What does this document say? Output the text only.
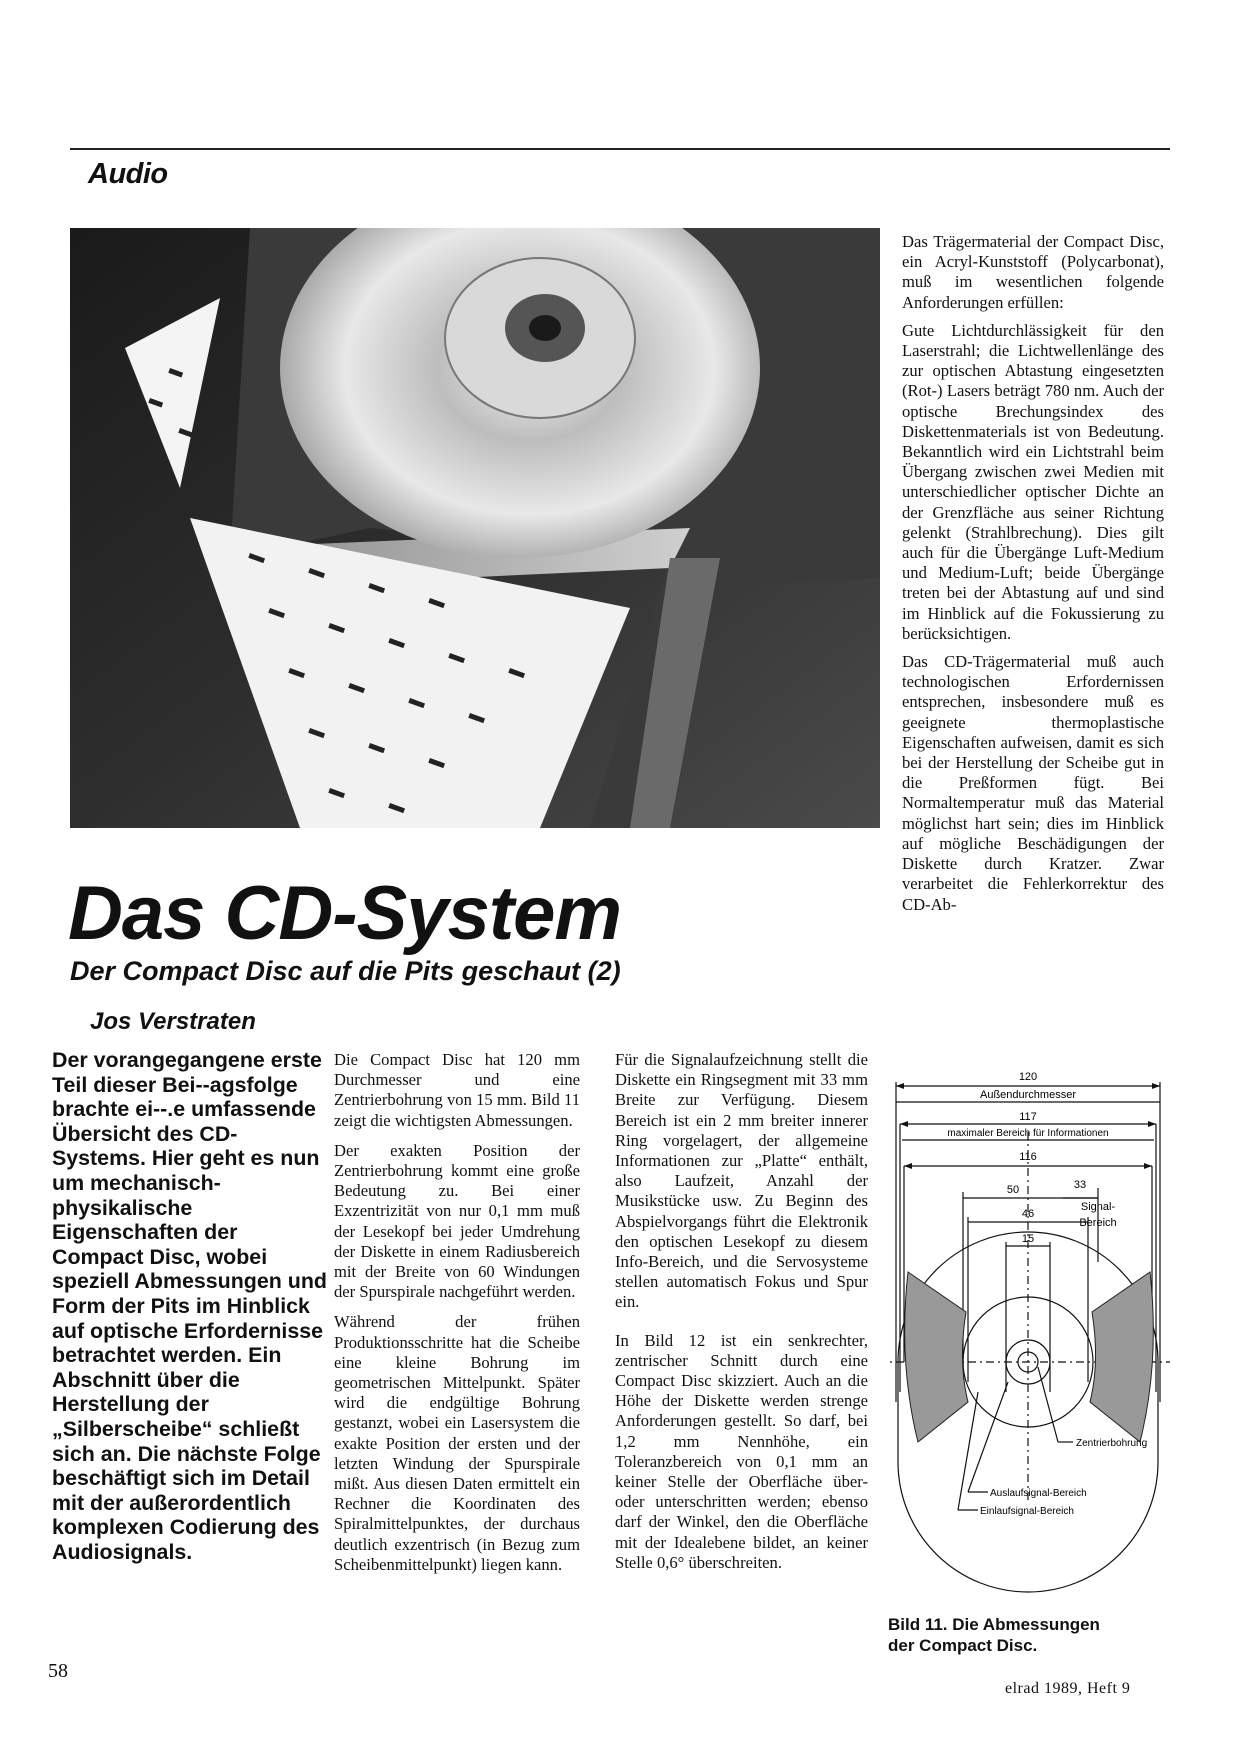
Audio
Das CD-System
Der Compact Disc auf die Pits geschaut (2)
Jos Verstraten

Der vorangegangene erste Teil dieser Bei-‐agsfolge brachte ei-‐.e umfassende Übersicht des CD-Systems. Hier geht es nun um mechanisch-physikalische Eigenschaften der Compact Disc, wobei speziell Abmessungen und Form der Pits im Hinblick auf optische Erfordernisse betrachtet werden. Ein Abschnitt über die Herstellung der „Silberscheibe“ schließt sich an. Die nächste Folge beschäftigt sich im Detail mit der außerordentlich komplexen Codierung des Audiosignals.

Die Compact Disc hat 120 mm Durchmesser und eine Zentrierbohrung von 15 mm. Bild 11 zeigt die wichtigsten Abmessungen.

Der exakten Position der Zentrierbohrung kommt eine große Bedeutung zu. Bei einer Exzentrizität von nur 0,1 mm muß der Lesekopf bei jeder Umdrehung der Diskette in einem Radiusbereich mit der Breite von 60 Windungen der Spurspirale nachgeführt werden.

Während der frühen Produktionsschritte hat die Scheibe eine kleine Bohrung im geometrischen Mittelpunkt. Später wird die endgültige Bohrung gestanzt, wobei ein Lasersystem die exakte Position der ersten und der letzten Windung der Spurspirale mißt. Aus diesen Daten ermittelt ein Rechner die Koordinaten des Spiralmittelpunktes, der durchaus deutlich exzentrisch (in Bezug zum Scheibenmittelpunkt) liegen kann.

Für die Signalaufzeichnung stellt die Diskette ein Ringsegment mit 33 mm Breite zur Verfügung. Diesem Bereich ist ein 2 mm breiter innerer Ring vorgelagert, der allgemeine Informationen zur „Platte“ enthält, also Laufzeit, Anzahl der Musikstücke usw. Zu Beginn des Abspielvorgangs führt die Elektronik den optischen Lesekopf zu diesem Info-Bereich, und die Servosysteme stellen automatisch Fokus und Spur ein.

In Bild 12 ist ein senkrechter, zentrischer Schnitt durch eine Compact Disc skizziert. Auch an die Höhe der Diskette werden strenge Anforderungen gestellt. So darf, bei 1,2 mm Nennhöhe, ein Toleranzbereich von 0,1 mm an keiner Stelle der Oberfläche über- oder unterschritten werden; ebenso darf der Winkel, den die Oberfläche mit der Idealebene bildet, an keiner Stelle 0,6° überschreiten.

Das Trägermaterial der Compact Disc, ein Acryl-Kunststoff (Polycarbonat), muß im wesentlichen folgende Anforderungen erfüllen:

Gute Lichtdurchlässigkeit für den Laserstrahl; die Lichtwellenlänge des zur optischen Abtastung eingesetzten (Rot-) Lasers beträgt 780 nm. Auch der optische Brechungsindex des Diskettenmaterials ist von Bedeutung. Bekanntlich wird ein Lichtstrahl beim Übergang zwischen zwei Medien mit unterschiedlicher optischer Dichte an der Grenzfläche aus seiner Richtung gelenkt (Strahlbrechung). Dies gilt auch für die Übergänge Luft-Medium und Medium-Luft; beide Übergänge treten bei der Abtastung auf und sind im Hinblick auf die Fokussierung zu berücksichtigen.

Das CD-Trägermaterial muß auch technologischen Erfordernissen entsprechen, insbesondere muß es geeignete thermoplastische Eigenschaften aufweisen, damit es sich bei der Herstellung der Scheibe gut in die Preßformen fügt. Bei Normaltemperatur muß das Material möglichst hart sein; dies im Hinblick auf mögliche Beschädigungen der Diskette durch Kratzer. Zwar verarbeitet die Fehlerkorrektur des CD-Ab-

120
Außendurchmesser
117
maximaler Bereich für Informationen
116
50	33
Signal-
Bereich
46
15
Zentrierbohrung
Auslaufsignal-Bereich
Einlaufsignal-Bereich
Bild 11. Die Abmessungen
der Compact Disc.
58
elrad 1989, Heft 9
